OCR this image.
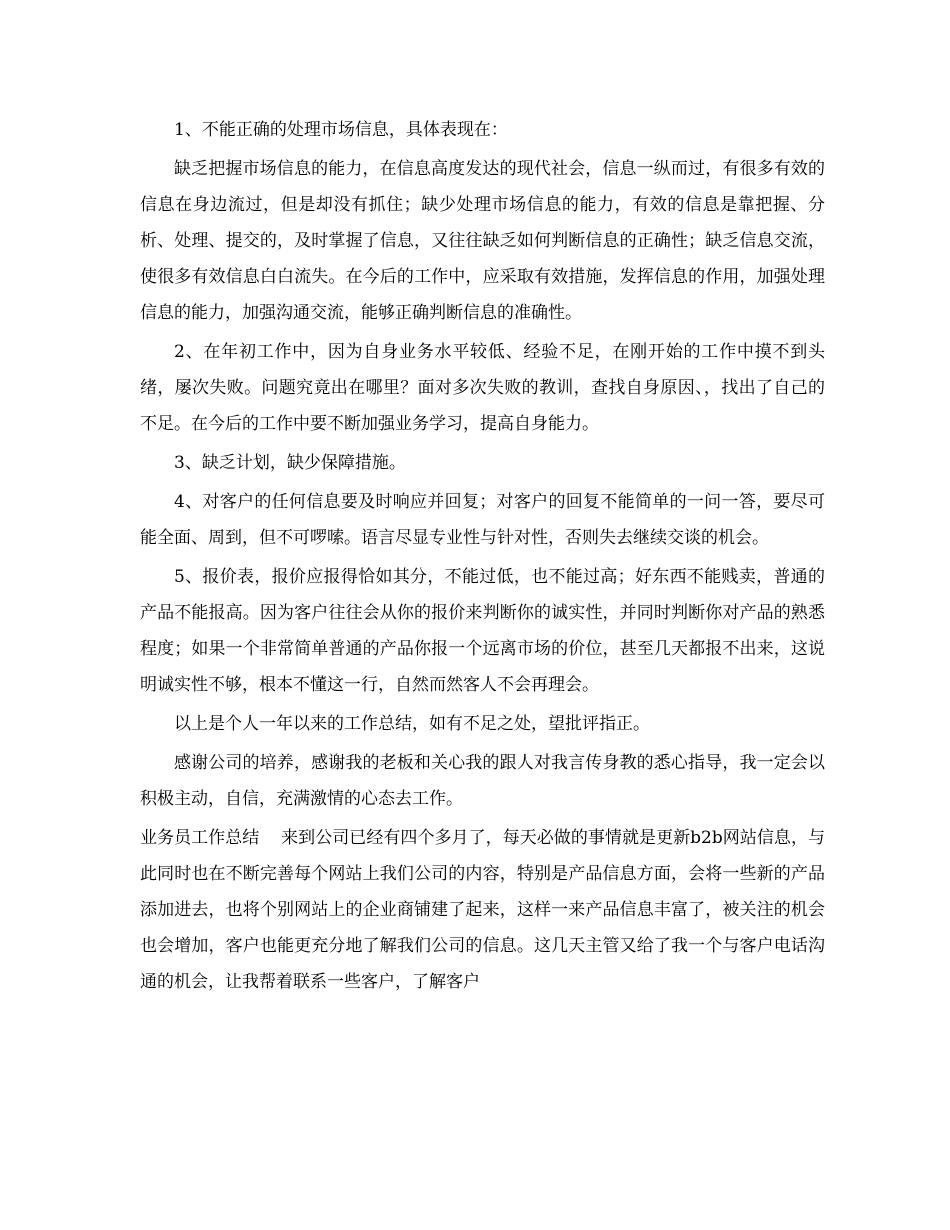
1、不能正确的处理市场信息，具体表现在：

缺乏把握市场信息的能力，在信息高度发达的现代社会，信息一纵而过，有很多有效的信息在身边流过，但是却没有抓住；缺少处理市场信息的能力，有效的信息是靠把握、分析、处理、提交的，及时掌握了信息，又往往缺乏如何判断信息的正确性；缺乏信息交流，使很多有效信息白白流失。在今后的工作中，应采取有效措施，发挥信息的作用，加强处理信息的能力，加强沟通交流，能够正确判断信息的准确性。

2、在年初工作中，因为自身业务水平较低、经验不足，在刚开始的工作中摸不到头绪，屡次失败。问题究竟出在哪里？面对多次失败的教训，查找自身原因、，找出了自己的不足。在今后的工作中要不断加强业务学习，提高自身能力。

3、缺乏计划，缺少保障措施。

4、对客户的任何信息要及时响应并回复；对客户的回复不能简单的一问一答，要尽可能全面、周到，但不可啰嗦。语言尽显专业性与针对性，否则失去继续交谈的机会。

5、报价表，报价应报得恰如其分，不能过低，也不能过高；好东西不能贱卖，普通的产品不能报高。因为客户往往会从你的报价来判断你的诚实性，并同时判断你对产品的熟悉程度；如果一个非常简单普通的产品你报一个远离市场的价位，甚至几天都报不出来，这说明诚实性不够，根本不懂这一行，自然而然客人不会再理会。

以上是个人一年以来的工作总结，如有不足之处，望批评指正。

感谢公司的培养，感谢我的老板和关心我的跟人对我言传身教的悉心指导，我一定会以积极主动，自信，充满激情的心态去工作。

业务员工作总结 来到公司已经有四个多月了，每天必做的事情就是更新b2b网站信息，与此同时也在不断完善每个网站上我们公司的内容，特别是产品信息方面，会将一些新的产品添加进去，也将个别网站上的企业商铺建了起来，这样一来产品信息丰富了，被关注的机会也会增加，客户也能更充分地了解我们公司的信息。这几天主管又给了我一个与客户电话沟通的机会，让我帮着联系一些客户，了解客户
